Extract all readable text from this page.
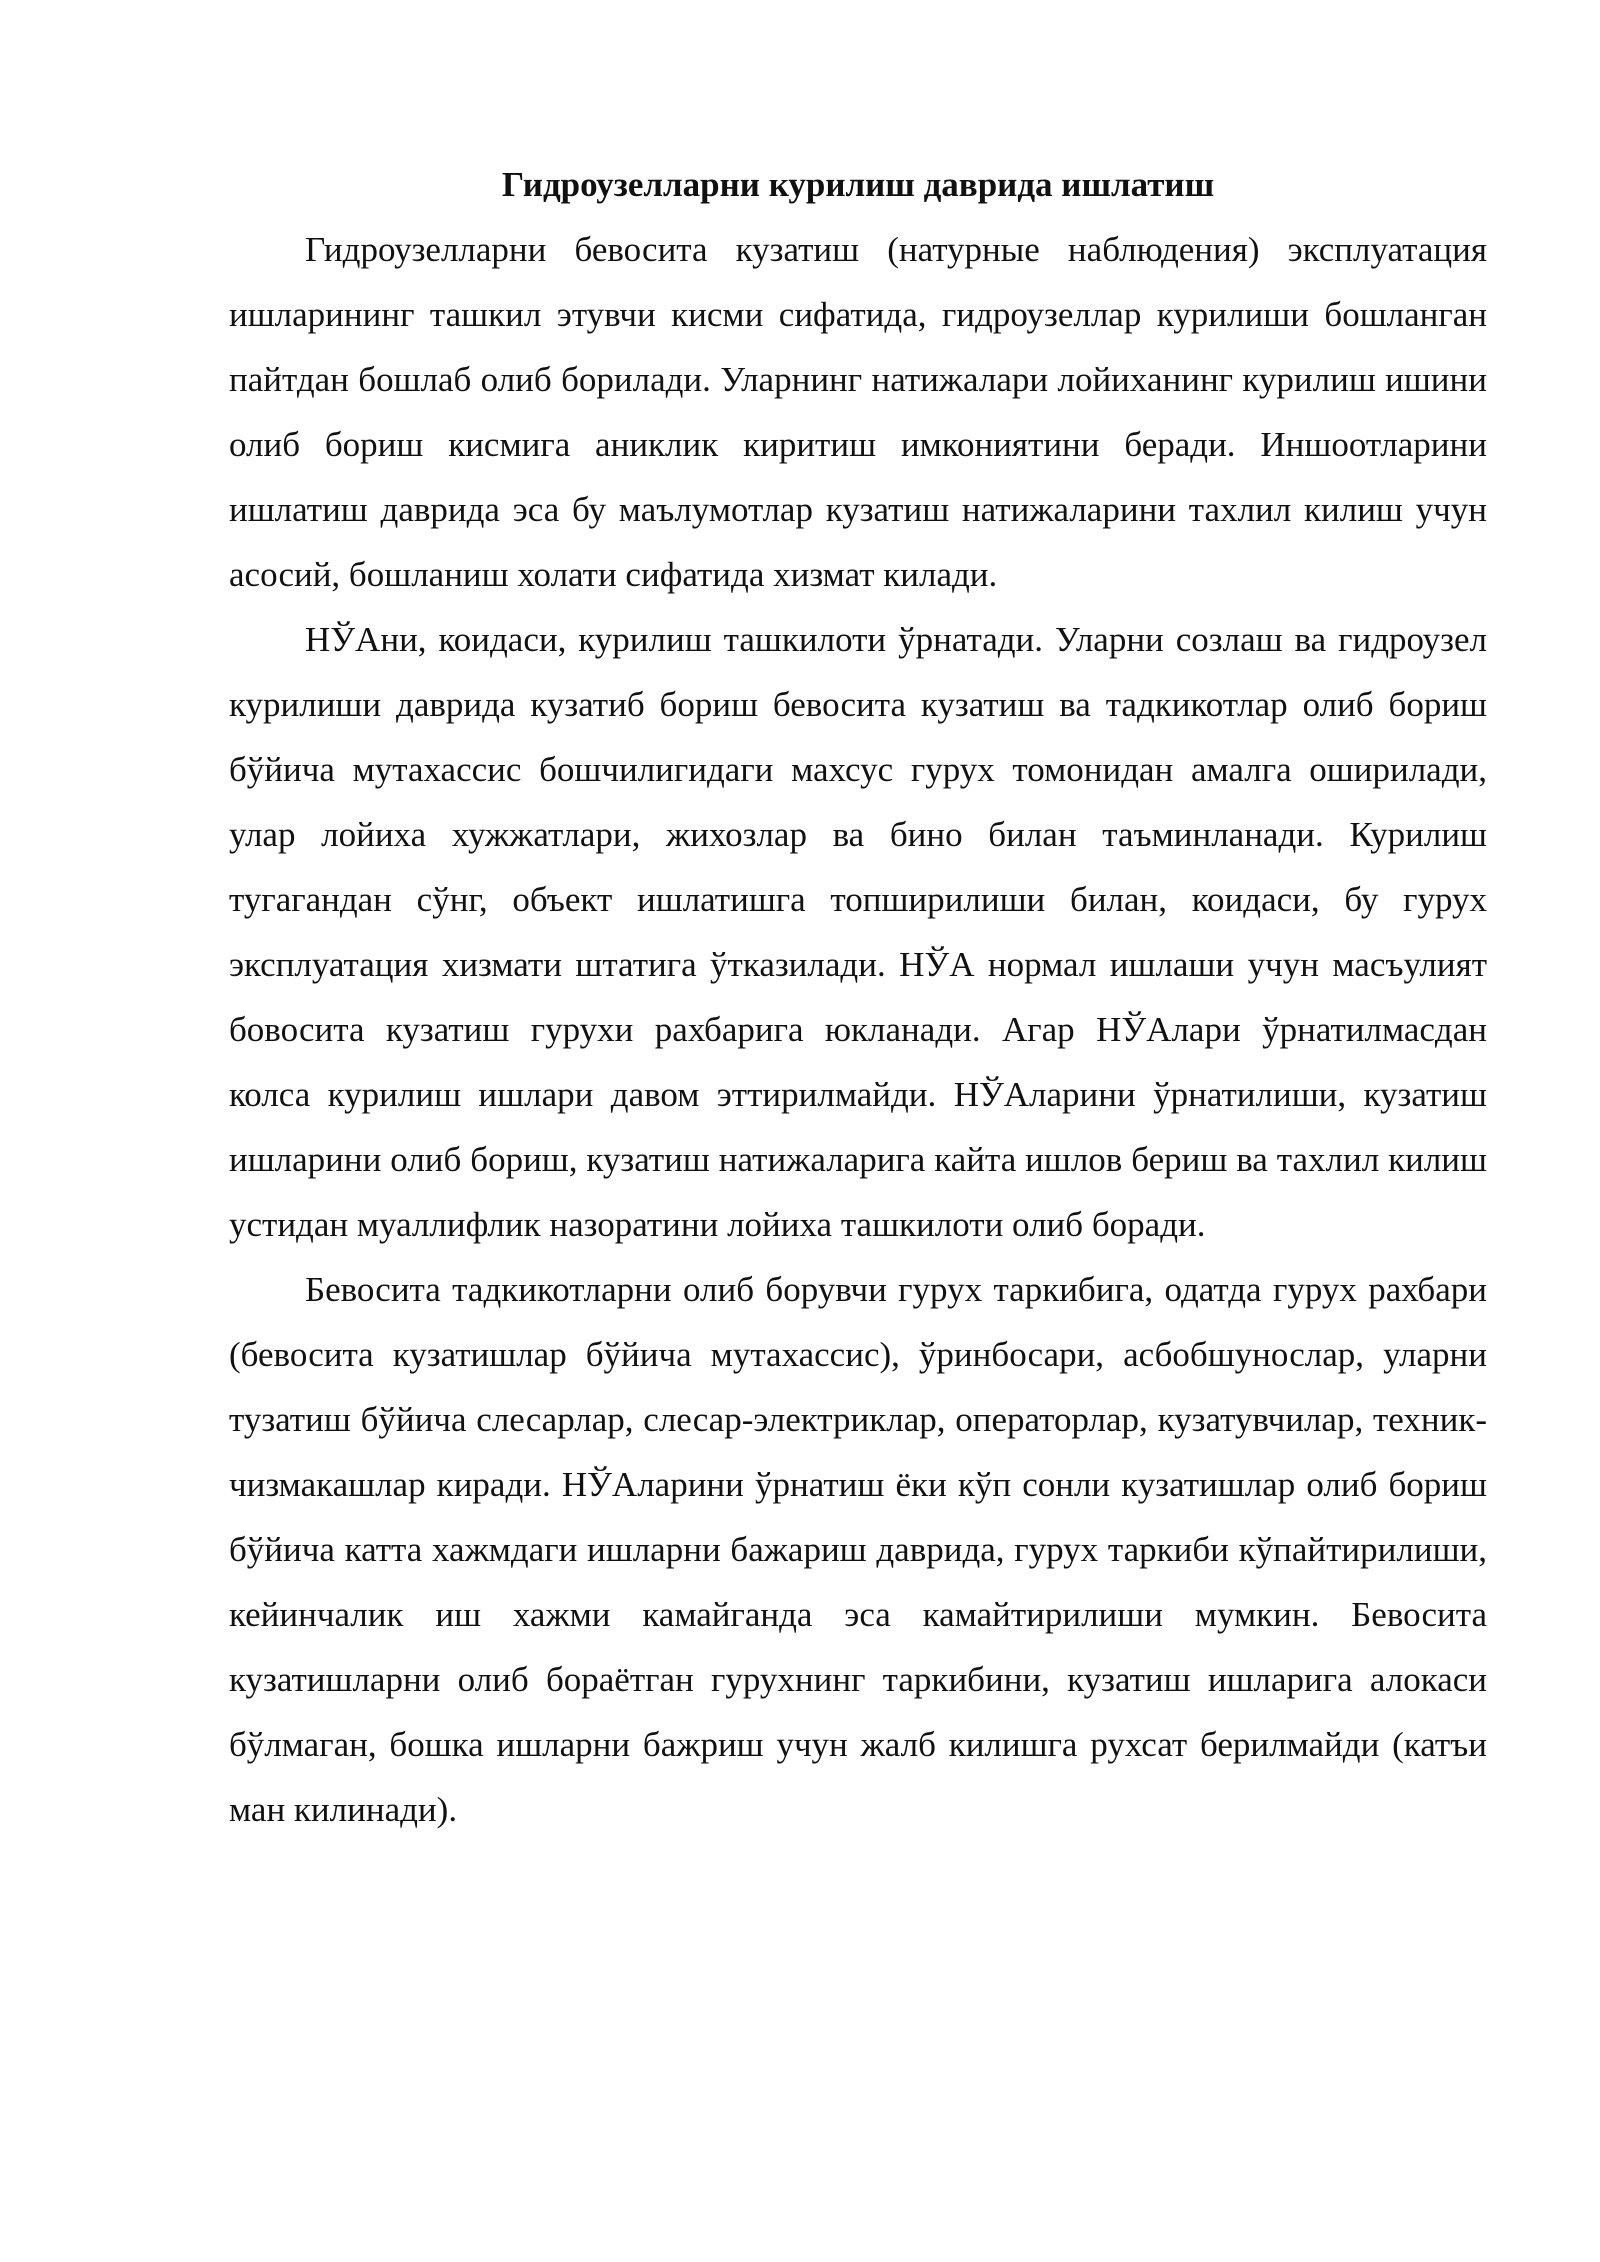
Гидроузелларни курилиш даврида ишлатиш

Гидроузелларни бевосита кузатиш (натурные наблюдения) эксплуатация ишларининг ташкил этувчи кисми сифатида, гидроузеллар курилиши бошланган пайтдан бошлаб олиб борилади. Уларнинг натижалари лойиханинг курилиш ишини олиб бориш кисмига аниклик киритиш имкониятини беради. Иншоотларини ишлатиш даврида эса бу маълумотлар кузатиш натижаларини тахлил килиш учун асосий, бошланиш холати сифатида хизмат килади.

НЎАни, коидаси, курилиш ташкилоти ўрнатади. Уларни созлаш ва гидроузел курилиши даврида кузатиб бориш бевосита кузатиш ва тадкикотлар олиб бориш бўйича мутахассис бошчилигидаги махсус гурух томонидан амалга оширилади, улар лойиха хужжатлари, жихозлар ва бино билан таъминланади. Курилиш тугагандан сўнг, объект ишлатишга топширилиши билан, коидаси, бу гурух эксплуатация хизмати штатига ўтказилади. НЎА нормал ишлаши учун масъулият бовосита кузатиш гурухи рахбарига юкланади. Агар НЎАлари ўрнатилмасдан колса курилиш ишлари давом эттирилмайди. НЎАларини ўрнатилиши, кузатиш ишларини олиб бориш, кузатиш натижаларига кайта ишлов бериш ва тахлил килиш устидан муаллифлик назоратини лойиха ташкилоти олиб боради.

Бевосита тадкикотларни олиб борувчи гурух таркибига, одатда гурух рахбари (бевосита кузатишлар бўйича мутахассис), ўринбосари, асбобшунослар, уларни тузатиш бўйича слесарлар, слесар-электриклар, операторлар, кузатувчилар, техник-чизмакашлар киради. НЎАларини ўрнатиш ёки кўп сонли кузатишлар олиб бориш бўйича катта хажмдаги ишларни бажариш даврида, гурух таркиби кўпайтирилиши, кейинчалик иш хажми камайганда эса камайтирилиши мумкин. Бевосита кузатишларни олиб бораётган гурухнинг таркибини, кузатиш ишларига алокаси бўлмаган, бошка ишларни бажриш учун жалб килишга рухсат берилмайди (катъи ман килинади).
